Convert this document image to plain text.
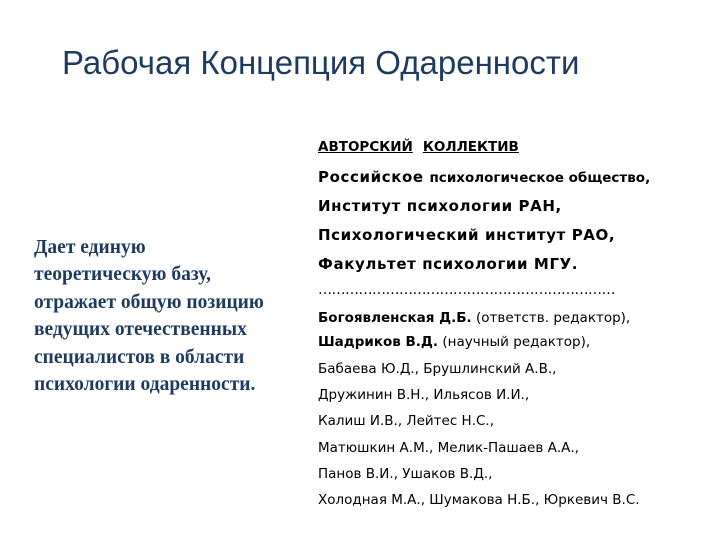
Рабочая Концепция Одаренности
Дает единую
теоретическую базу,
отражает общую позицию
ведущих отечественных
специалистов в области
психологии одаренности.
АВТОРСКИЙ КОЛЛЕКТИВ
Российское психологическое общество,
Институт психологии РАН,
Психологический институт РАО,
Факультет психологии МГУ.
…………………………………………………………
Богоявленская Д.Б. (ответств. редактор),
Шадриков В.Д. (научный редактор),
Бабаева Ю.Д., Брушлинский А.В.,
Дружинин В.Н., Ильясов И.И.,
Калиш И.В., Лейтес Н.С.,
Матюшкин А.М., Мелик-Пашаев А.А.,
Панов В.И., Ушаков В.Д.,
Холодная М.А., Шумакова Н.Б., Юркевич В.С.
